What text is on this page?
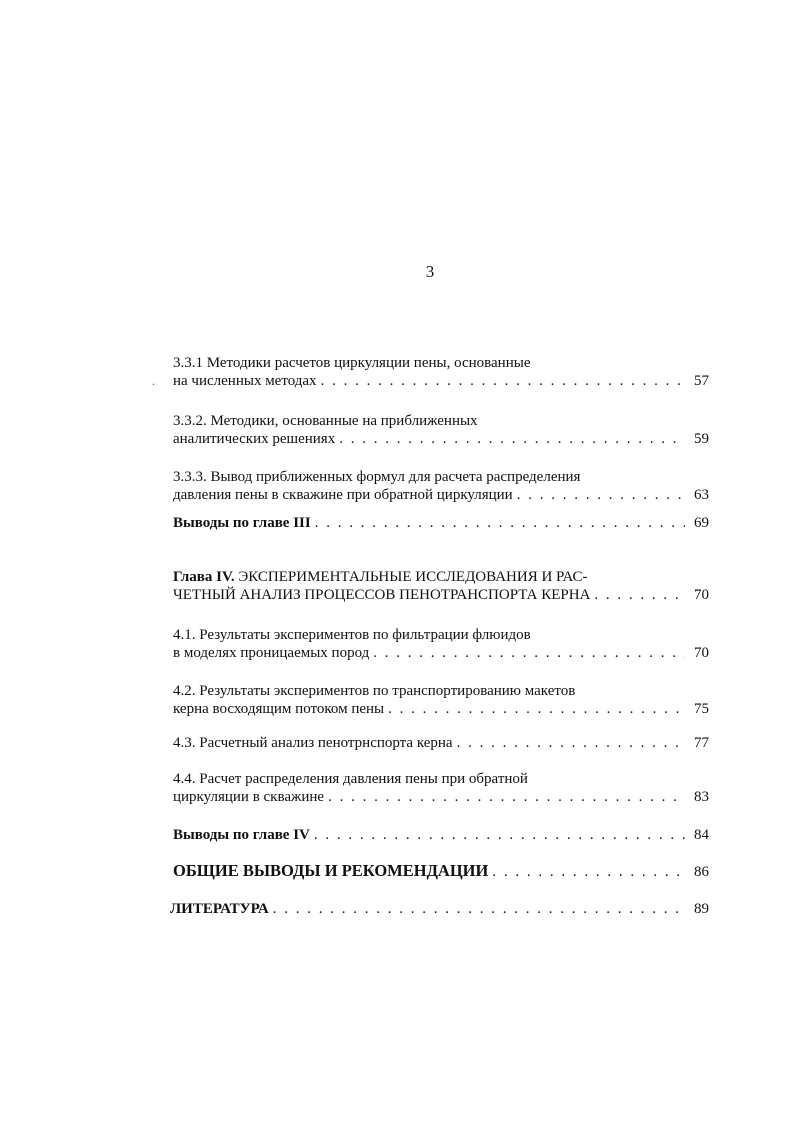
3
.
3.3.1 Методики расчетов циркуляции пены, основанные
на численных методах . . .	57
3.3.2. Методики, основанные на приближенных
аналитических решениях . . .	59
3.3.3. Вывод приближенных формул для расчета распределения
давления пены в скважине при обратной циркуляции . . .	63
Выводы по главе III . . .	69
Глава IV. ЭКСПЕРИМЕНТАЛЬНЫЕ ИССЛЕДОВАНИЯ И РАС-
ЧЕТНЫЙ АНАЛИЗ ПРОЦЕССОВ ПЕНОТРАНСПОРТА КЕРНА . . .	70
4.1. Результаты экспериментов по фильтрации флюидов
в моделях проницаемых пород . . .	70
4.2. Результаты экспериментов по транспортированию макетов
керна восходящим потоком пены . . .	75
4.3. Расчетный анализ пенотрнспорта керна . . .	77
4.4. Расчет распределения давления пены при обратной
циркуляции в скважине . . .	83
Выводы по главе IV . . .	84
ОБЩИЕ ВЫВОДЫ И РЕКОМЕНДАЦИИ . . .	86
ЛИТЕРАТУРА . . .	89
